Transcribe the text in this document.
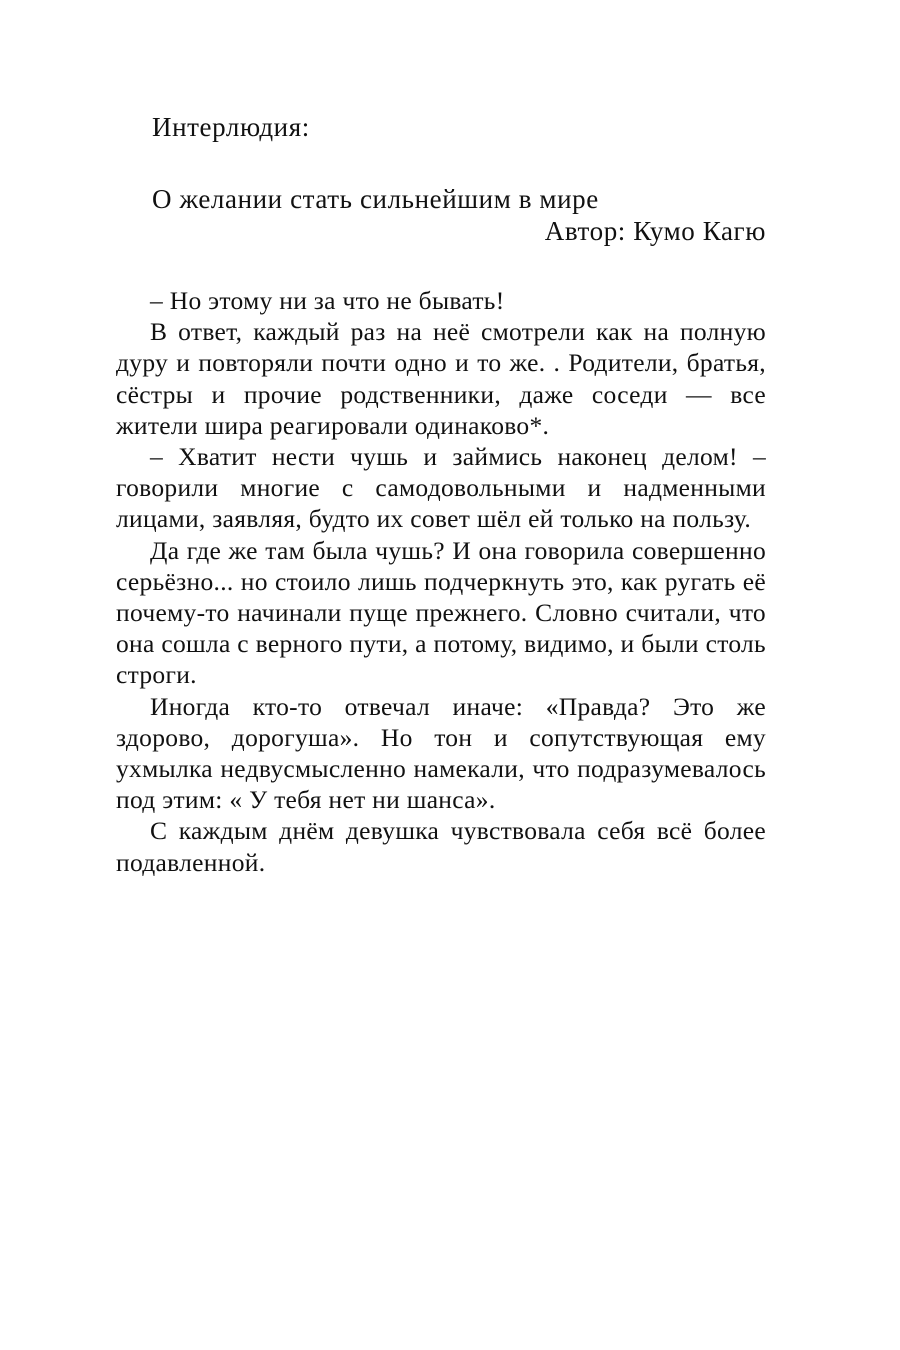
Интерлюдия:

О желании стать сильнейшим в мире

Автор: Кумо Кагю

– Но этому ни за что не бывать!

В ответ, каждый раз на неё смотрели как на полную дуру и повторяли почти одно и то же. . Родители, братья, сёстры и прочие родственники, даже соседи — все жители шира реагировали одинаково*.

– Хватит нести чушь и займись наконец делом! – говорили многие с самодовольными и надменными лицами, заявляя, будто их совет шёл ей только на пользу.

Да где же там была чушь? И она говорила совершенно серьёзно... но стоило лишь подчеркнуть это, как ругать её почему-то начинали пуще прежнего. Словно считали, что она сошла с верного пути, а потому, видимо, и были столь строги.

Иногда кто-то отвечал иначе: «Правда? Это же здорово, дорогуша». Но тон и сопутствующая ему ухмылка недвусмысленно намекали, что подразумевалось под этим: « У тебя нет ни шанса».

С каждым днём девушка чувствовала себя всё более подавленной.
